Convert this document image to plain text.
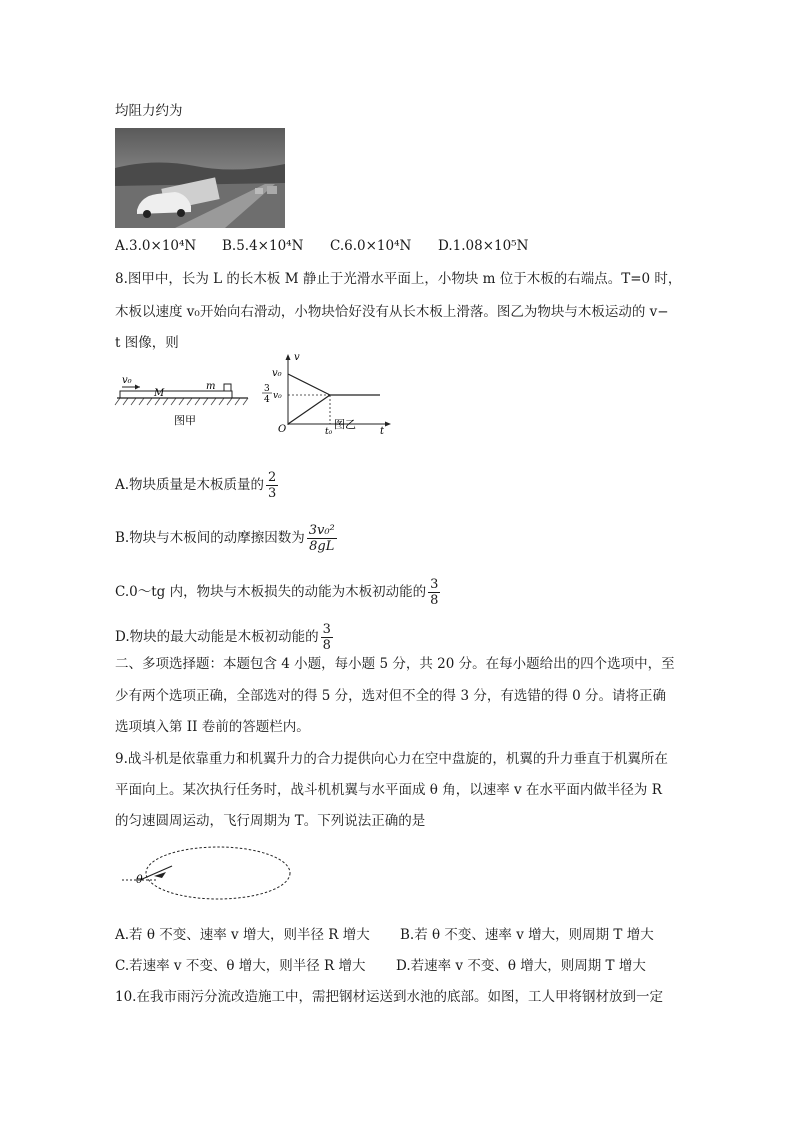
均阻力约为
A.3.0×10⁴N B.5.4×10⁴N C.6.0×10⁴N D.1.08×10⁵N
8.图甲中，长为 L 的长木板 M 静止于光滑水平面上，小物块 m 位于木板的右端点。T=0 时，
木板以速度 v₀开始向右滑动，小物块恰好没有从长木板上滑落。图乙为物块与木板运动的 v−
t 图像，则
v₀
M
m
图甲
v
v₀
3
4 v₀
O	t₀	t
图乙
A.物块质量是木板质量的 $\frac{2}{3}$
B.物块与木板间的动摩擦因数为 $\frac{\text{3v₀²}}{8gL}$
C.0～tg 内，物块与木板损失的动能为木板初动能的 $\frac{3}{8}$
D.物块的最大动能是木板初动能的 $\frac{3}{8}$
二、多项选择题：本题包含 4 小题，每小题 5 分，共 20 分。在每小题给出的四个选项中，至
少有两个选项正确，全部选对的得 5 分，选对但不全的得 3 分，有选错的得 0 分。请将正确
选项填入第 II 卷前的答题栏内。
9.战斗机是依靠重力和机翼升力的合力提供向心力在空中盘旋的，机翼的升力垂直于机翼所在
平面向上。某次执行任务时，战斗机机翼与水平面成 θ 角，以速率 v 在水平面内做半径为 R
的匀速圆周运动，飞行周期为 T。下列说法正确的是
θ
A.若 θ 不变、速率 v 增大，则半径 R 增大 B.若 θ 不变、速率 v 增大，则周期 T 增大
C.若速率 v 不变、θ 增大，则半径 R 增大 D.若速率 v 不变、θ 增大，则周期 T 增大
10.在我市雨污分流改造施工中，需把钢材运送到水池的底部。如图，工人甲将钢材放到一定
